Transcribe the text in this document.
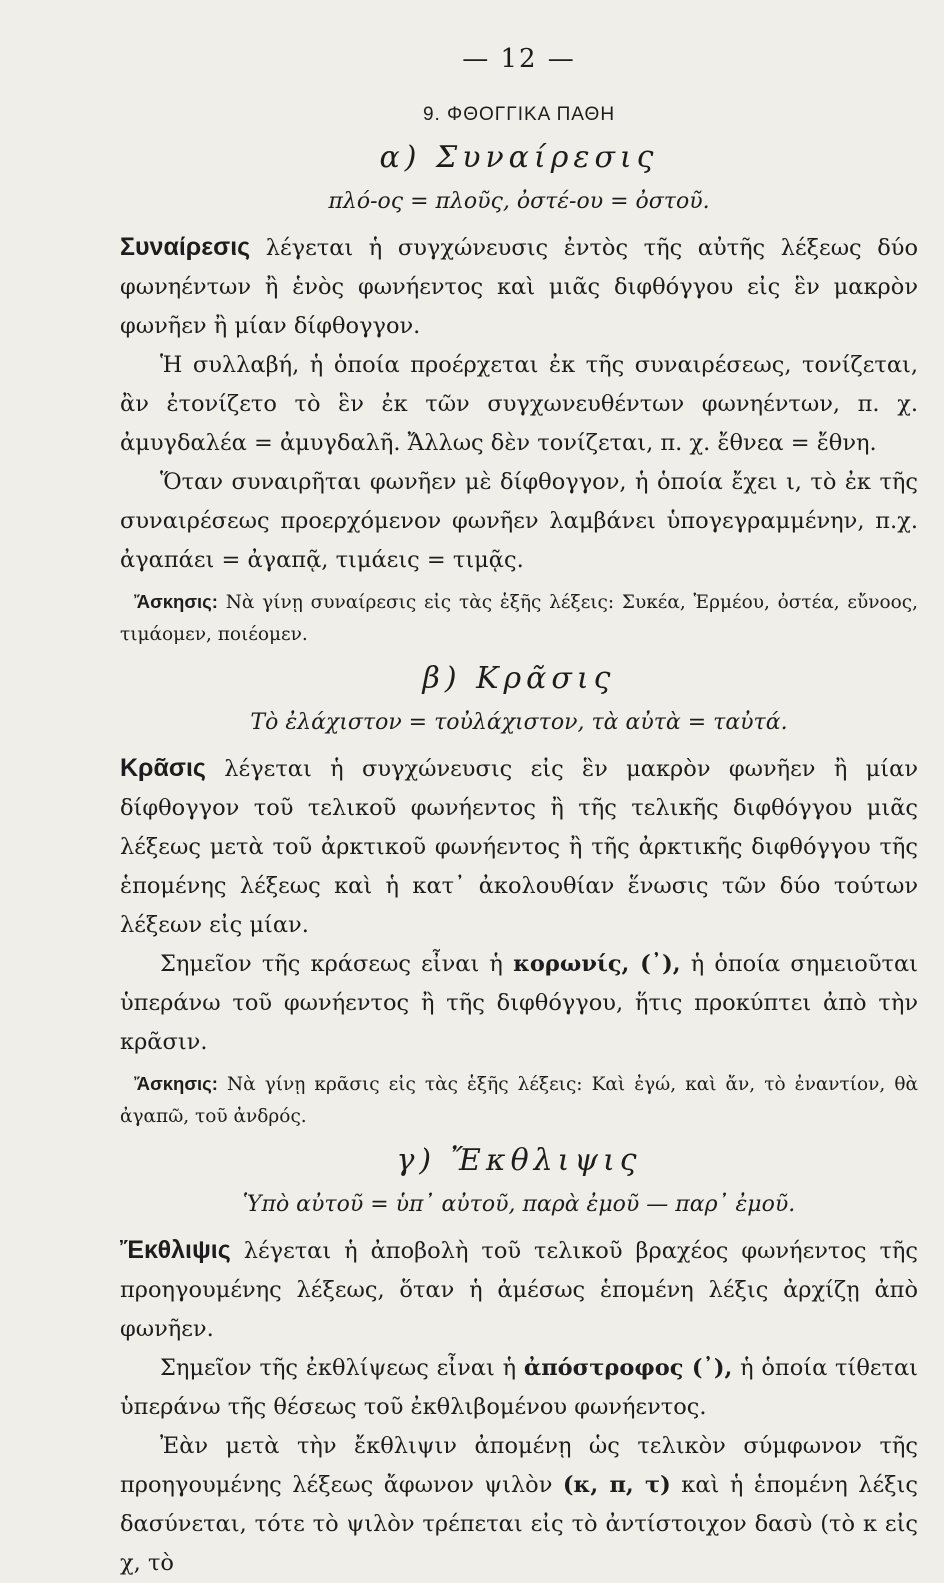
— 12 —
9. ΦΘΟΓΓΙΚΑ ΠΑΘΗ
α) Συναίρεσις
πλό-ος = πλοῦς, ὀστέ-ου = ὀστοῦ.

Συναίρεσις λέγεται ἡ συγχώνευσις ἐντὸς τῆς αὐτῆς λέξεως δύο φωνηέντων ἢ ἑνὸς φωνήεντος καὶ μιᾶς διφθόγγου εἰς ἓν μακρὸν φωνῆεν ἢ μίαν δίφθογγον.

Ἡ συλλαβή, ἡ ὁποία προέρχεται ἐκ τῆς συναιρέσεως, τονίζεται, ἂν ἐτονίζετο τὸ ἓν ἐκ τῶν συγχωνευθέντων φωνηέντων, π. χ. ἀμυγδαλέα = ἀμυγδαλῆ. Ἄλλως δὲν τονίζεται, π. χ. ἔθνεα = ἔθνη.

Ὅταν συναιρῆται φωνῆεν μὲ δίφθογγον, ἡ ὁποία ἔχει ι, τὸ ἐκ τῆς συναιρέσεως προερχόμενον φωνῆεν λαμβάνει ὑπογεγραμμένην, π.χ. ἀγαπάει = ἀγαπᾷ, τιμάεις = τιμᾷς.

Ἄσκησις: Νὰ γίνῃ συναίρεσις εἰς τὰς ἑξῆς λέξεις: Συκέα, Ἑρμέου, ὀστέα, εὔνοος, τιμάομεν, ποιέομεν.

β) Κρᾶσις
Τὸ ἐλάχιστον = τοὐλάχιστον, τὰ αὐτὰ = ταὐτά.

Κρᾶσις λέγεται ἡ συγχώνευσις εἰς ἓν μακρὸν φωνῆεν ἢ μίαν δίφθογγον τοῦ τελικοῦ φωνήεντος ἢ τῆς τελικῆς διφθόγγου μιᾶς λέξεως μετὰ τοῦ ἀρκτικοῦ φωνήεντος ἢ τῆς ἀρκτικῆς διφθόγγου τῆς ἑπομένης λέξεως καὶ ἡ κατ᾿ ἀκολουθίαν ἕνωσις τῶν δύο τούτων λέξεων εἰς μίαν.

Σημεῖον τῆς κράσεως εἶναι ἡ κορωνίς, (᾿), ἡ ὁποία σημειοῦται ὑπεράνω τοῦ φωνήεντος ἢ τῆς διφθόγγου, ἥτις προκύπτει ἀπὸ τὴν κρᾶσιν.

Ἄσκησις: Νὰ γίνῃ κρᾶσις εἰς τὰς ἑξῆς λέξεις: Καὶ ἐγώ, καὶ ἄν, τὸ ἐναντίον, θὰ ἀγαπῶ, τοῦ ἀνδρός.

γ) Ἔκθλιψις
Ὑπὸ αὐτοῦ = ὑπ᾿ αὐτοῦ, παρὰ ἐμοῦ — παρ᾿ ἐμοῦ.

Ἔκθλιψις λέγεται ἡ ἀποβολὴ τοῦ τελικοῦ βραχέος φωνήεντος τῆς προηγουμένης λέξεως, ὅταν ἡ ἀμέσως ἑπομένη λέξις ἀρχίζῃ ἀπὸ φωνῆεν.

Σημεῖον τῆς ἐκθλίψεως εἶναι ἡ ἀπόστροφος (᾿), ἡ ὁποία τίθεται ὑπεράνω τῆς θέσεως τοῦ ἐκθλιβομένου φωνήεντος.

Ἐὰν μετὰ τὴν ἔκθλιψιν ἀπομένῃ ὡς τελικὸν σύμφωνον τῆς προηγουμένης λέξεως ἄφωνον ψιλὸν (κ, π, τ) καὶ ἡ ἑπομένη λέξις δασύνεται, τότε τὸ ψιλὸν τρέπεται εἰς τὸ ἀντίστοιχον δασὺ (τὸ κ εἰς χ, τὸ
